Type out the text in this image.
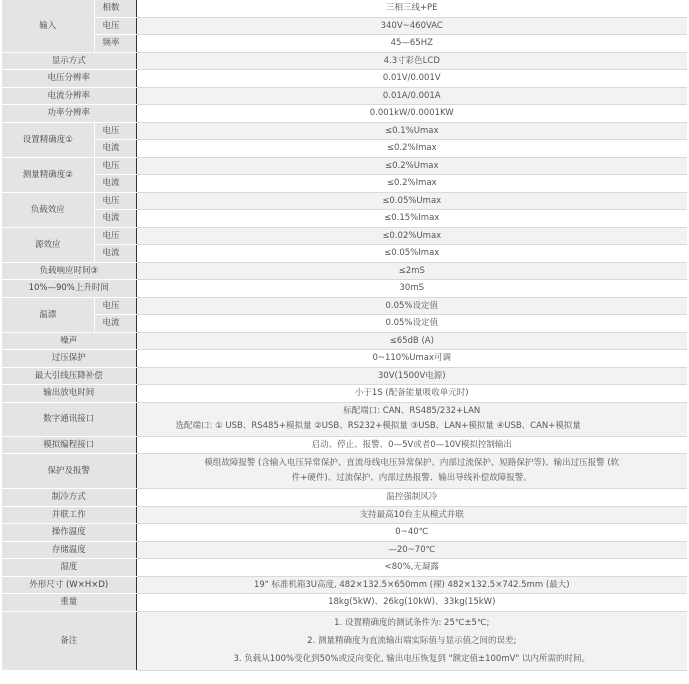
输入	相数	三相三线+PE
	电压	340V~460VAC
	频率	45—65HZ
显示方式		4.3寸彩色LCD
电压分辨率		0.01V/0.001V
电流分辨率		0.01A/0.001A
功率分辨率		0.001kW/0.0001KW
设置精确度①	电压	≤0.1%Umax
	电流	≤0.2%Imax
测量精确度②	电压	≤0.2%Umax
	电流	≤0.2%Imax
负载效应	电压	≤0.05%Umax
	电流	≤0.15%Imax
源效应	电压	≤0.02%Umax
	电流	≤0.05%Imax
负载响应时间③		≤2mS
10%—90%上升时间		30mS
温漂	电压	0.05%设定值
	电流	0.05%设定值
噪声		≤65dB (A)
过压保护		0~110%Umax可调
最大引线压降补偿		30V(1500V电源)
输出放电时间		小于1S (配备能量吸收单元时)
数字通讯接口		标配端口: CAN、RS485/232+LAN
选配端口: ① USB、RS485+模拟量 ②USB、RS232+模拟量 ③USB、LAN+模拟量 ④USB、CAN+模拟量

模拟编程接口		启动、停止、报警、0—5V或者0—10V模拟控制输出
保护及报警		模组故障报警 (含输入电压异常保护、直流母线电压异常保护、内部过流保护、短路保护等)、输出过压报警 (软
件+硬件)、过流保护、内部过热报警、输出导线补偿故障报警。

制冷方式		温控强制风冷
并联工作		支持最高10台主从模式并联
操作温度		0~40℃
存储温度		—20~70℃
湿度		<80%,无凝露
外形尺寸 (W×H×D)		19" 标准机箱3U高度, 482×132.5×650mm (裸) 482×132.5×742.5mm (最大)
重量		18kg(5kW)、26kg(10kW)、33kg(15kW)
备注		1. 设置精确度的测试条件为: 25℃±5℃;
2. 测量精确度为直流输出端实际值与显示值之间的误差;
3. 负载从100%变化到50%或反向变化, 输出电压恢复到 "额定值±100mV" 以内所需的时间。
